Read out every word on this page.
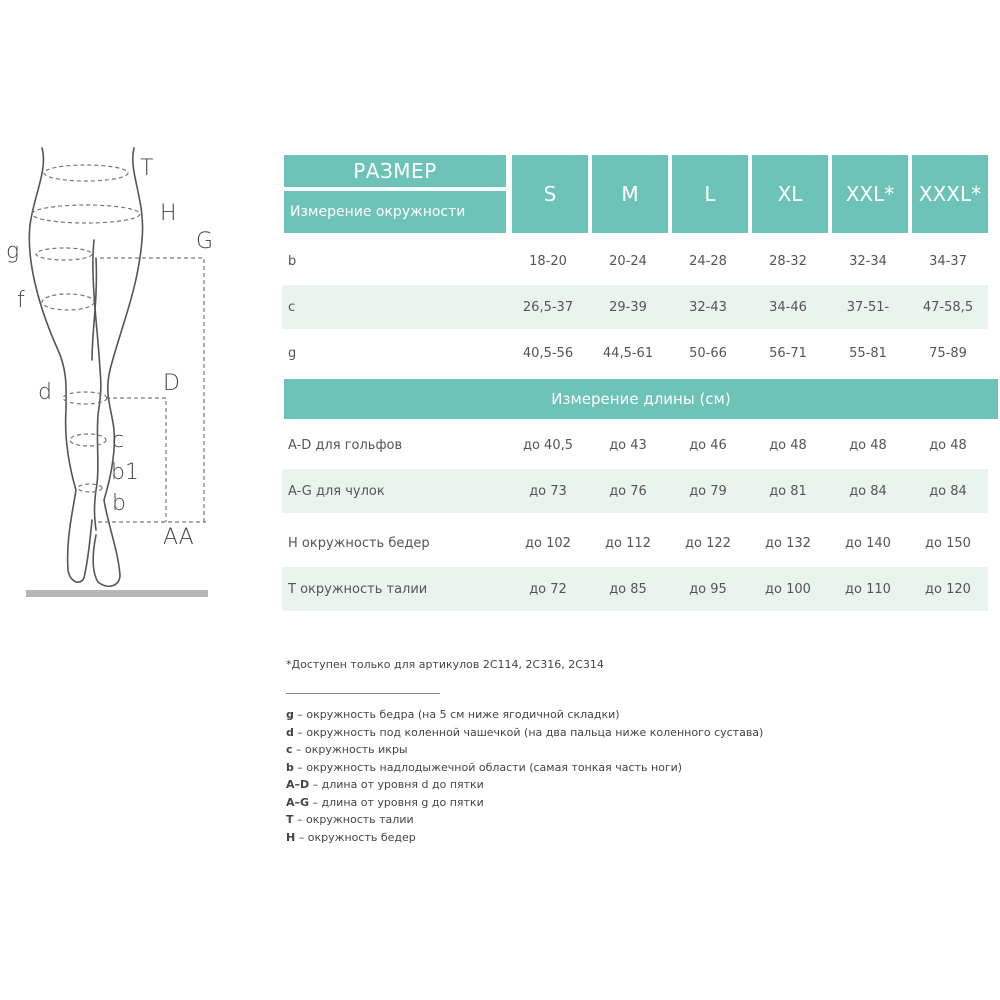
T
H
g	G
f
d	D
c
b1
b
AA
РАЗМЕР
Измерение окружности
S	M	L	XL	XXL*	XXXL*
b	18-20	20-24	24-28	28-32	32-34	34-37
c	26,5-37	29-39	32-43	34-46	37-51-	47-58,5
g	40,5-56	44,5-61	50-66	56-71	55-81	75-89
Измерение длины (см)
A-D для гольфов	до 40,5	до 43	до 46	до 48	до 48	до 48
A-G для чулок	до 73	до 76	до 79	до 81	до 84	до 84
H окружность бедер	до 102	до 112	до 122	до 132	до 140	до 150
T окружность талии	до 72	до 85	до 95	до 100	до 110	до 120
*Доступен только для артикулов 2С114, 2С316, 2С314
g – окружность бедра (на 5 см ниже ягодичной складки)
d – окружность под коленной чашечкой (на два пальца ниже коленного сустава)
c – окружность икры
b – окружность надлодыжечной области (самая тонкая часть ноги)
A–D – длина от уровня d до пятки
A–G – длина от уровня g до пятки
T – окружность талии
H – окружность бедер
